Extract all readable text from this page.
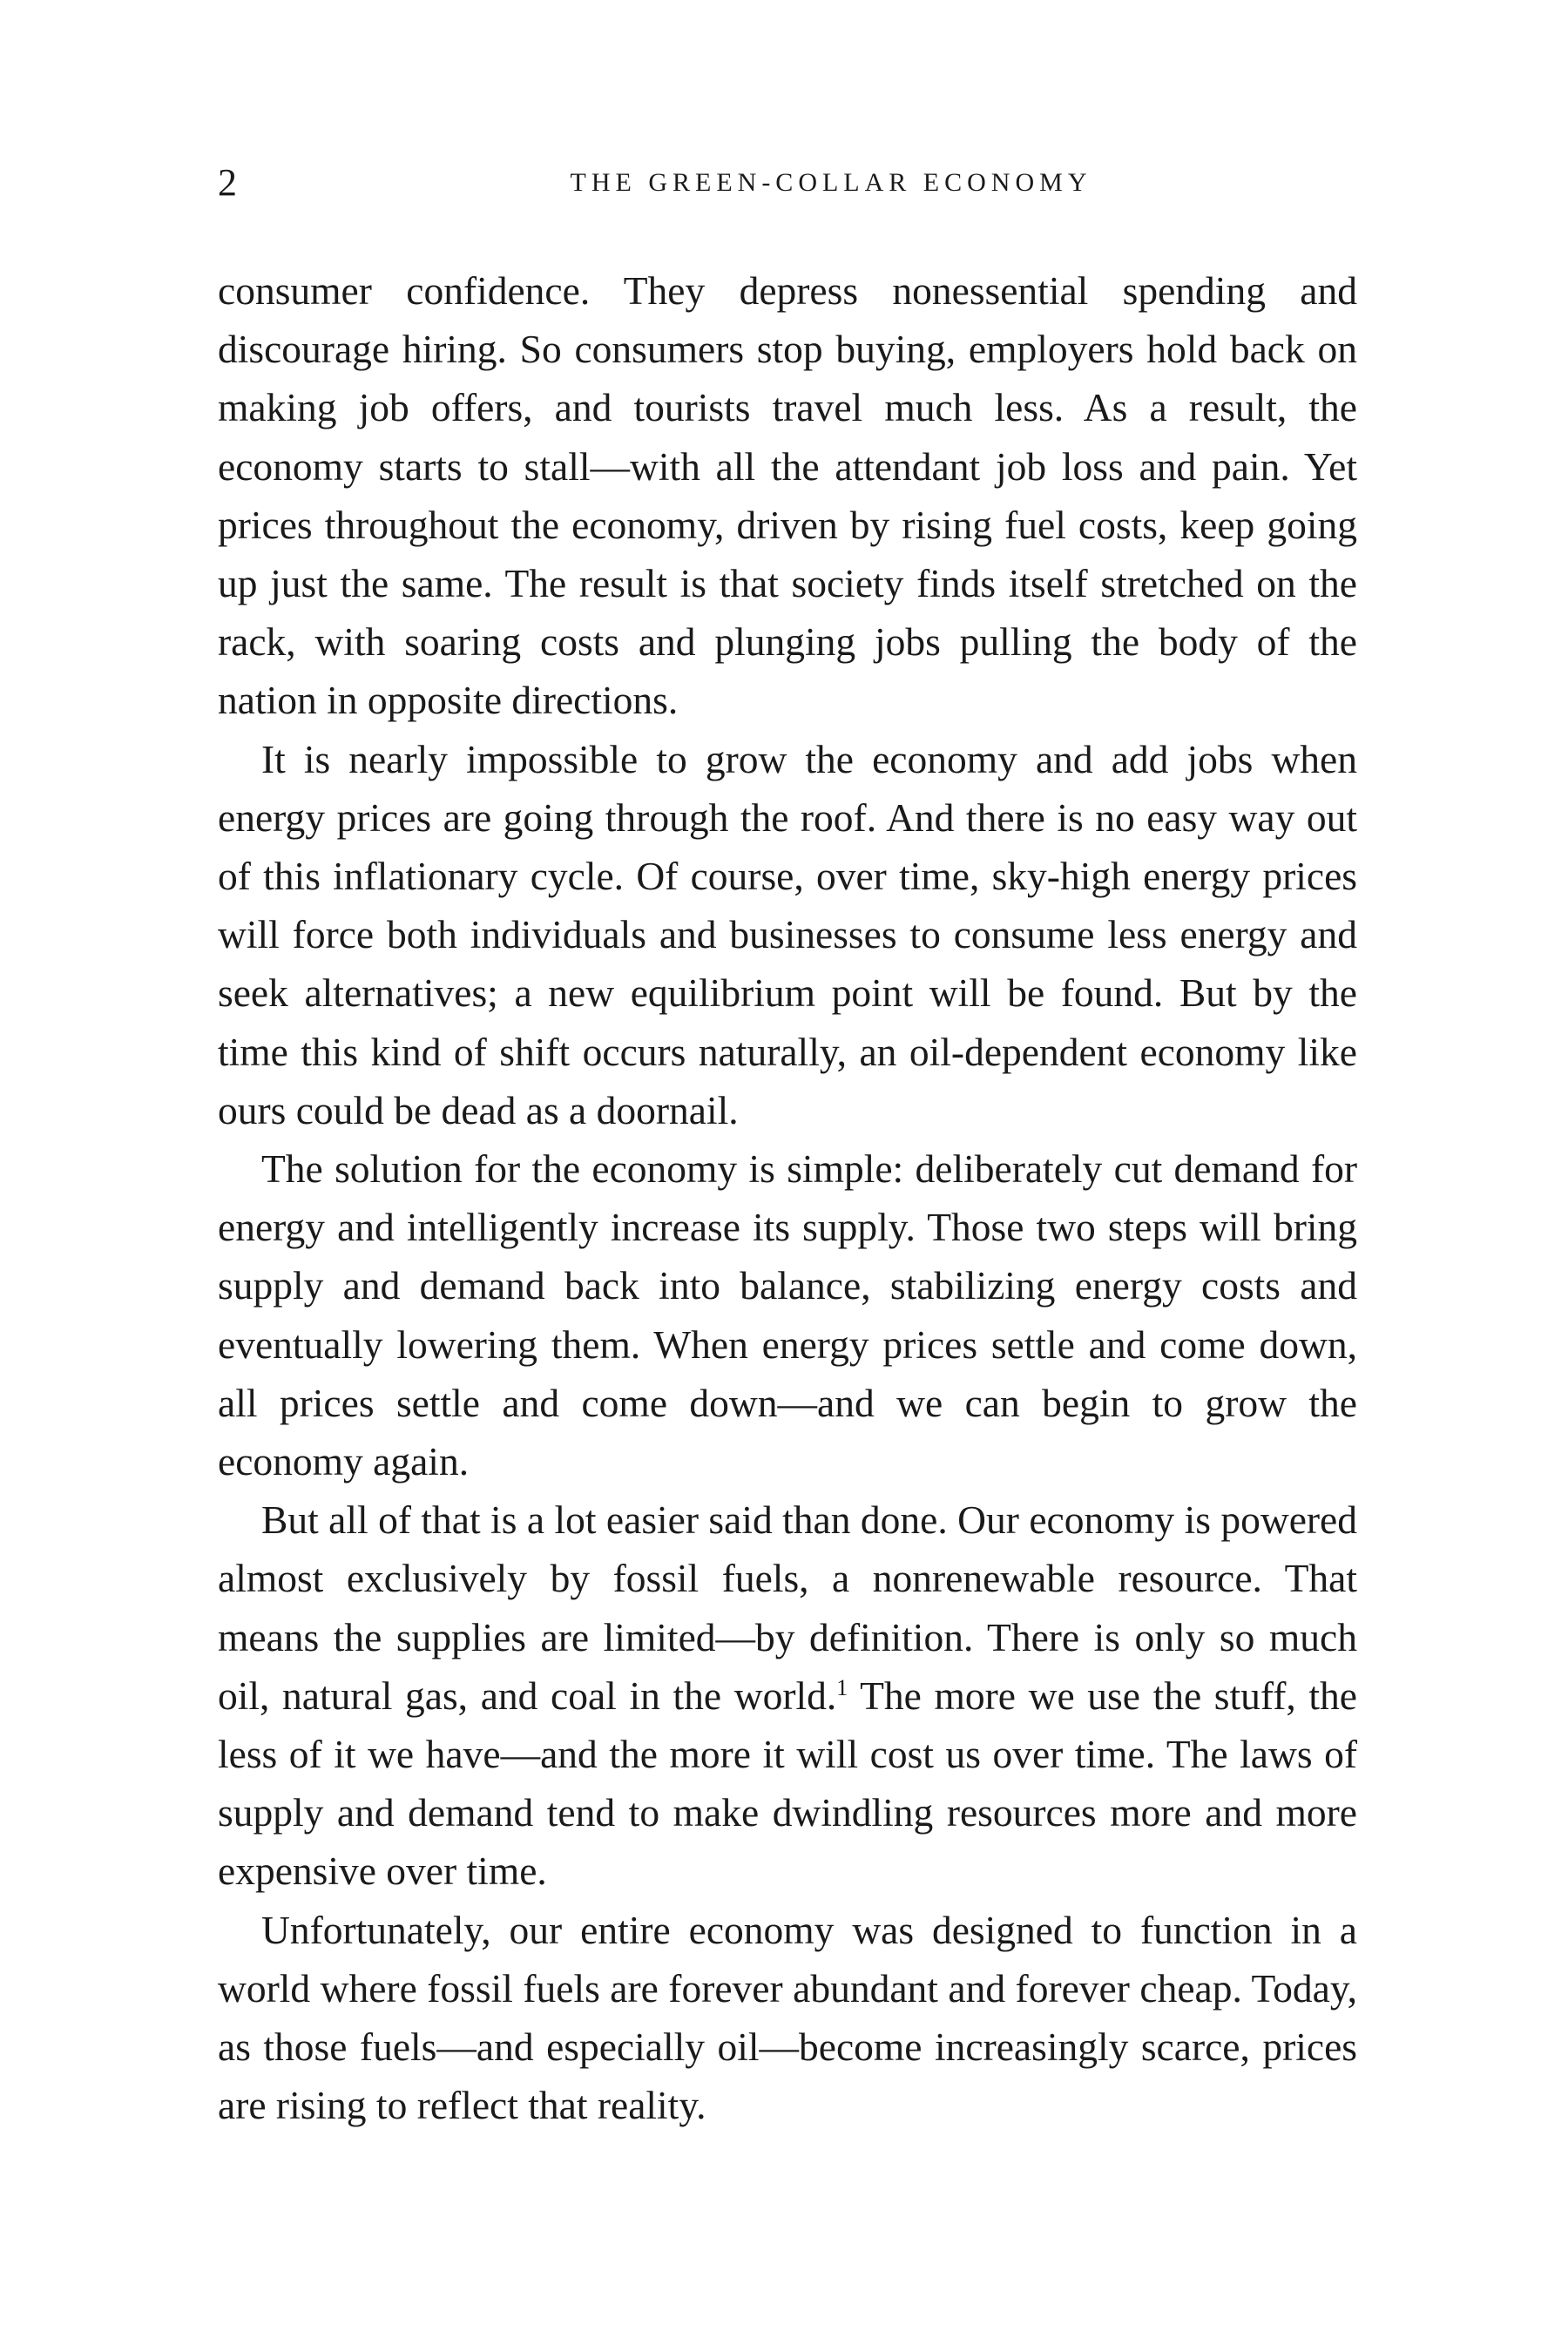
2	THE GREEN-COLLAR ECONOMY

consumer confidence. They depress nonessential spending and discourage hiring. So consumers stop buying, employers hold back on making job offers, and tourists travel much less. As a result, the economy starts to stall—with all the attendant job loss and pain. Yet prices throughout the economy, driven by rising fuel costs, keep going up just the same. The result is that society finds itself stretched on the rack, with soaring costs and plunging jobs pulling the body of the nation in opposite directions.

It is nearly impossible to grow the economy and add jobs when energy prices are going through the roof. And there is no easy way out of this inflationary cycle. Of course, over time, sky-high energy prices will force both individuals and businesses to consume less energy and seek alternatives; a new equilibrium point will be found. But by the time this kind of shift occurs naturally, an oil-dependent economy like ours could be dead as a doornail.

The solution for the economy is simple: deliberately cut demand for energy and intelligently increase its supply. Those two steps will bring supply and demand back into balance, stabilizing energy costs and eventually lowering them. When energy prices settle and come down, all prices settle and come down—and we can begin to grow the economy again.

But all of that is a lot easier said than done. Our economy is powered almost exclusively by fossil fuels, a nonrenewable resource. That means the supplies are limited—by definition. There is only so much oil, natural gas, and coal in the world.$^1$ The more we use the stuff, the less of it we have—and the more it will cost us over time. The laws of supply and demand tend to make dwindling resources more and more expensive over time.

Unfortunately, our entire economy was designed to function in a world where fossil fuels are forever abundant and forever cheap. Today, as those fuels—and especially oil—become increasingly scarce, prices are rising to reflect that reality.
